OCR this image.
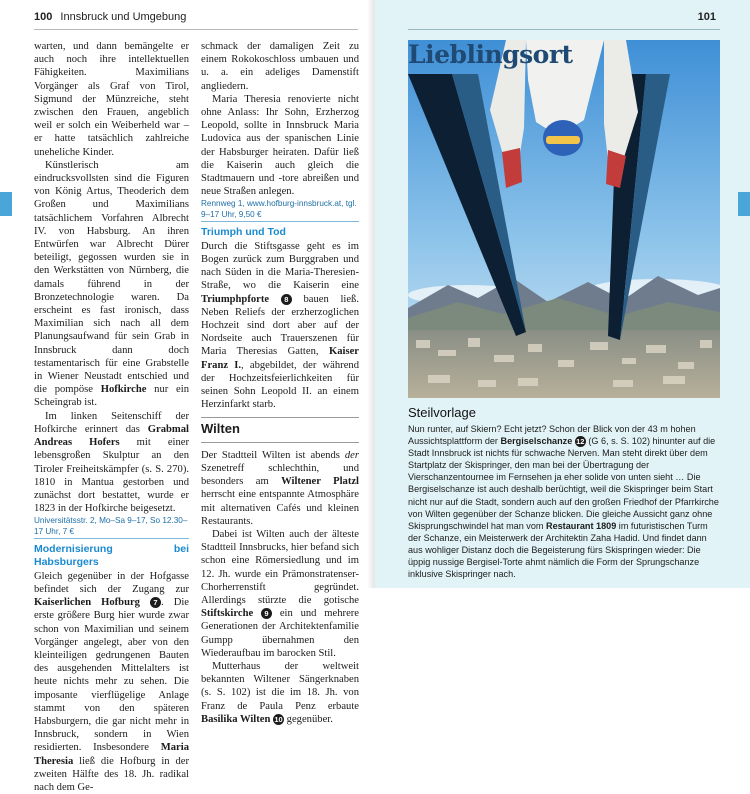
100 Innsbruck und Umgebung	101

warten, und dann bemängelte er auch noch ihre intellektuellen Fähigkeiten. Maximilians Vorgänger als Graf von Tirol, Sigmund der Münzreiche, steht zwischen den Frauen, angeblich weil er solch ein Weiberheld war – er hatte tatsächlich zahlreiche uneheliche Kinder.

Künstlerisch am eindrucksvollsten sind die Figuren von König Artus, Theoderich dem Großen und Maximilians tatsächlichem Vorfahren Albrecht IV. von Habsburg. An ihren Entwürfen war Albrecht Dürer beteiligt, gegossen wurden sie in den Werkstätten von Nürnberg, die damals führend in der Bronzetechnologie waren. Da erscheint es fast ironisch, dass Maximilian sich nach all dem Planungsaufwand für sein Grab in Innsbruck dann doch testamentarisch für eine Grabstelle in Wiener Neustadt entschied und die pompöse Hofkirche nur ein Scheingrab ist.

Im linken Seitenschiff der Hofkirche erinnert das Grabmal Andreas Hofers mit einer lebensgroßen Skulptur an den Tiroler Freiheitskämpfer (s. S. 270). 1810 in Mantua gestorben und zunächst dort bestattet, wurde er 1823 in der Hofkirche beigesetzt.

Universitätsstr. 2, Mo–Sa 9–17, So 12.30–17 Uhr, 7 €
Modernisierung bei Habsburgers

Gleich gegenüber in der Hofgasse befindet sich der Zugang zur Kaiserlichen Hofburg 7 . Die erste größere Burg hier wurde zwar schon von Maximilian und seinem Vorgänger angelegt, aber von den kleinteiligen gedrungenen Bauten des ausgehenden Mittelalters ist heute nichts mehr zu sehen. Die imposante vierflügelige Anlage stammt von den späteren Habsburgern, die gar nicht mehr in Innsbruck, sondern in Wien residierten. Insbesondere Maria Theresia ließ die Hofburg in der zweiten Hälfte des 18. Jh. radikal nach dem Ge-

schmack der damaligen Zeit zu einem Rokokoschloss umbauen und u. a. ein adeliges Damenstift angliedern.

Maria Theresia renovierte nicht ohne Anlass: Ihr Sohn, Erzherzog Leopold, sollte in Innsbruck Maria Ludovica aus der spanischen Linie der Habsburger heiraten. Dafür ließ die Kaiserin auch gleich die Stadtmauern und -tore abreißen und neue Straßen anlegen.

Rennweg 1, www.hofburg-innsbruck.at, tgl. 9–17 Uhr, 9,50 €
Triumph und Tod

Durch die Stiftsgasse geht es im Bogen zurück zum Burggraben und nach Süden in die Maria-Theresien-Straße, wo die Kaiserin eine Triumphpforte 8 bauen ließ. Neben Reliefs der erzherzoglichen Hochzeit sind dort aber auf der Nordseite auch Trauerszenen für Maria Theresias Gatten, Kaiser Franz I., abgebildet, der während der Hochzeitsfeierlichkeiten für seinen Sohn Leopold II. an einem Herzinfarkt starb.

Wilten

Der Stadtteil Wilten ist abends der Szenetreff schlechthin, und besonders am Wiltener Platzl herrscht eine entspannte Atmosphäre mit alternativen Cafés und kleinen Restaurants.

Dabei ist Wilten auch der älteste Stadtteil Innsbrucks, hier befand sich schon eine Römersiedlung und im 12. Jh. wurde ein Prämonstratenser-Chorherrenstift gegründet. Allerdings stürzte die gotische Stiftskirche 9 ein und mehrere Generationen der Architektenfamilie Gumpp übernahmen den Wiederaufbau im barocken Stil.

Mutterhaus der weltweit bekannten Wiltener Sängerknaben (s. S. 102) ist die im 18. Jh. von Franz de Paula Penz erbaute Basilika Wilten 10 gegenüber.

Lieblingsort
Steilvorlage
Nun runter, auf Skiern? Echt jetzt? Schon der Blick von der 43 m hohen Aussichtsplattform der Bergiselschanze 12 (G 6, s. S. 102) hinunter auf die Stadt Innsbruck ist nichts für schwache Nerven. Man steht direkt über dem Startplatz der Skispringer, den man bei der Übertragung der Vierschanzentournee im Fernsehen ja eher solide von unten sieht … Die Bergiselschanze ist auch deshalb berüchtigt, weil die Skispringer beim Start nicht nur auf die Stadt, sondern auch auf den großen Friedhof der Pfarrkirche von Wilten gegenüber der Schanze blicken. Die gleiche Aussicht ganz ohne Skisprungschwindel hat man vom Restaurant 1809 im futuristischen Turm der Schanze, ein Meisterwerk der Architektin Zaha Hadid. Und findet dann aus wohliger Distanz doch die Begeisterung fürs Skispringen wieder: Die üppig nussige Bergisel-Torte ahmt nämlich die Form der Sprungschanze inklusive Skispringer nach.
